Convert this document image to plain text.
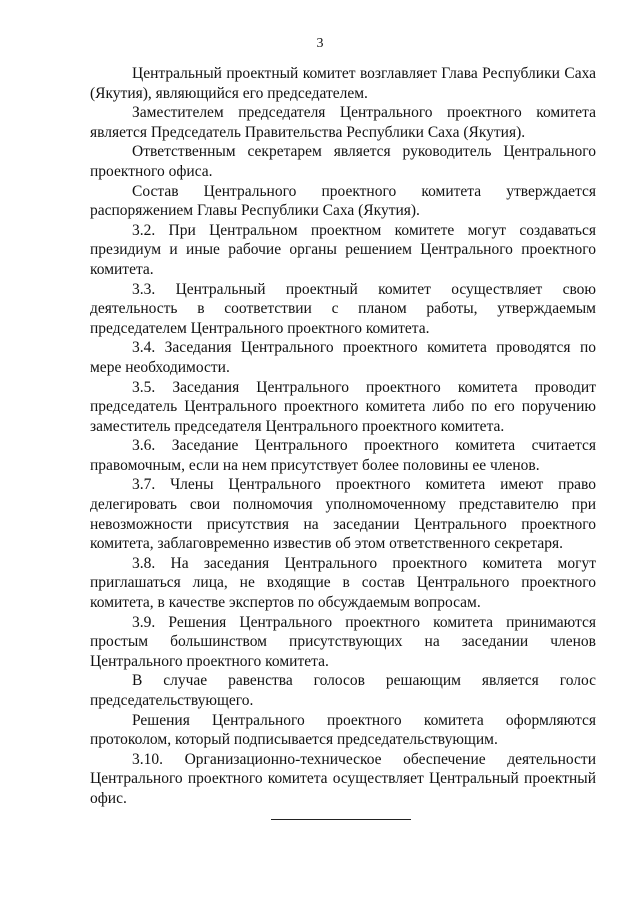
3

Центральный проектный комитет возглавляет Глава Республики Саха (Якутия), являющийся его председателем.

Заместителем председателя Центрального проектного комитета является Председатель Правительства Республики Саха (Якутия).

Ответственным секретарем является руководитель Центрального проектного офиса.

Состав Центрального проектного комитета утверждается распоряжением Главы Республики Саха (Якутия).

3.2. При Центральном проектном комитете могут создаваться президиум и иные рабочие органы решением Центрального проектного комитета.

3.3. Центральный проектный комитет осуществляет свою деятельность в соответствии с планом работы, утверждаемым председателем Центрального проектного комитета.

3.4. Заседания Центрального проектного комитета проводятся по мере необходимости.

3.5. Заседания Центрального проектного комитета проводит председатель Центрального проектного комитета либо по его поручению заместитель председателя Центрального проектного комитета.

3.6. Заседание Центрального проектного комитета считается правомочным, если на нем присутствует более половины ее членов.

3.7. Члены Центрального проектного комитета имеют право делегировать свои полномочия уполномоченному представителю при невозможности присутствия на заседании Центрального проектного комитета, заблаговременно известив об этом ответственного секретаря.

3.8. На заседания Центрального проектного комитета могут приглашаться лица, не входящие в состав Центрального проектного комитета, в качестве экспертов по обсуждаемым вопросам.

3.9. Решения Центрального проектного комитета принимаются простым большинством присутствующих на заседании членов Центрального проектного комитета.

В случае равенства голосов решающим является голос председательствующего.

Решения Центрального проектного комитета оформляются протоколом, который подписывается председательствующим.

3.10. Организационно-техническое обеспечение деятельности Центрального проектного комитета осуществляет Центральный проектный офис.
